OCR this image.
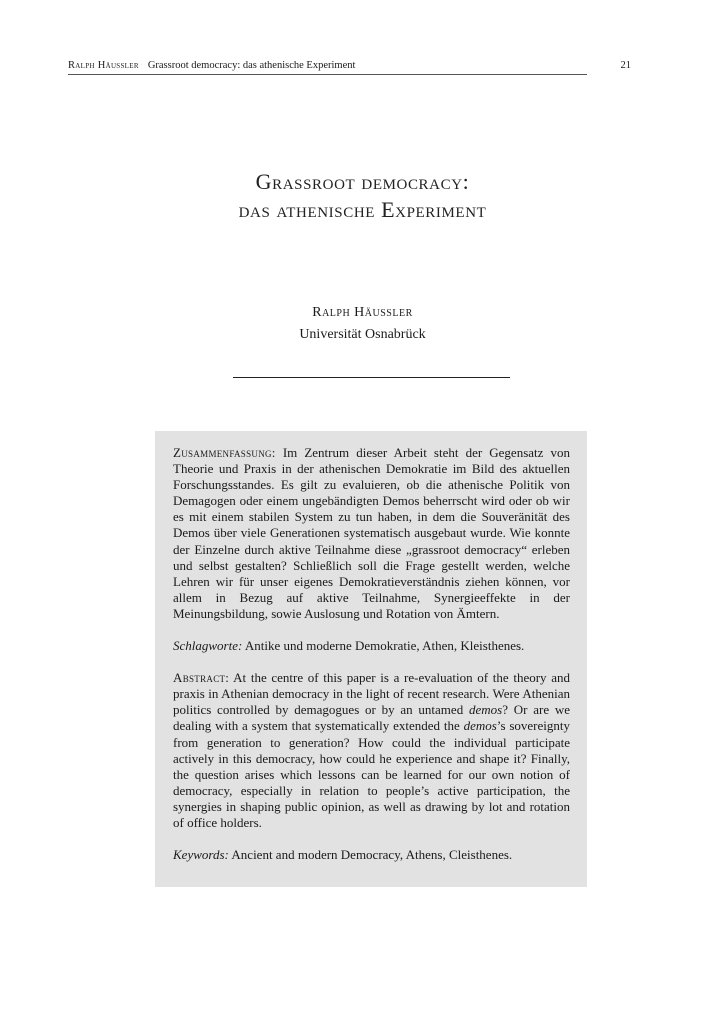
Ralph Häussler Grassroot democracy: das athenische Experiment	21
Grassroot democracy:
das athenische Experiment
Ralph Häussler
Universität Osnabrück

Zusammenfassung: Im Zentrum dieser Arbeit steht der Gegensatz von Theorie und Praxis in der athenischen Demokratie im Bild des aktuellen Forschungsstandes. Es gilt zu evaluieren, ob die athenische Politik von Demagogen oder einem ungebändigten Demos beherrscht wird oder ob wir es mit einem stabilen System zu tun haben, in dem die Souveränität des Demos über viele Generationen systematisch ausgebaut wurde. Wie konnte der Einzelne durch aktive Teilnahme diese „grassroot democracy“ erleben und selbst gestalten? Schließlich soll die Frage gestellt werden, welche Lehren wir für unser eigenes Demokratieverständnis ziehen können, vor allem in Bezug auf aktive Teilnahme, Synergieeffekte in der Meinungsbildung, sowie Auslosung und Rotation von Ämtern.

Schlagworte: Antike und moderne Demokratie, Athen, Kleisthenes.

Abstract: At the centre of this paper is a re-evaluation of the theory and praxis in Athenian democracy in the light of recent research. Were Athenian politics controlled by demagogues or by an untamed demos? Or are we dealing with a system that systematically extended the demos’s sovereignty from generation to generation? How could the individual participate actively in this democracy, how could he experience and shape it? Finally, the question arises which lessons can be learned for our own notion of democracy, especially in relation to people’s active participation, the synergies in shaping public opinion, as well as drawing by lot and rotation of office holders.

Keywords: Ancient and modern Democracy, Athens, Cleisthenes.
